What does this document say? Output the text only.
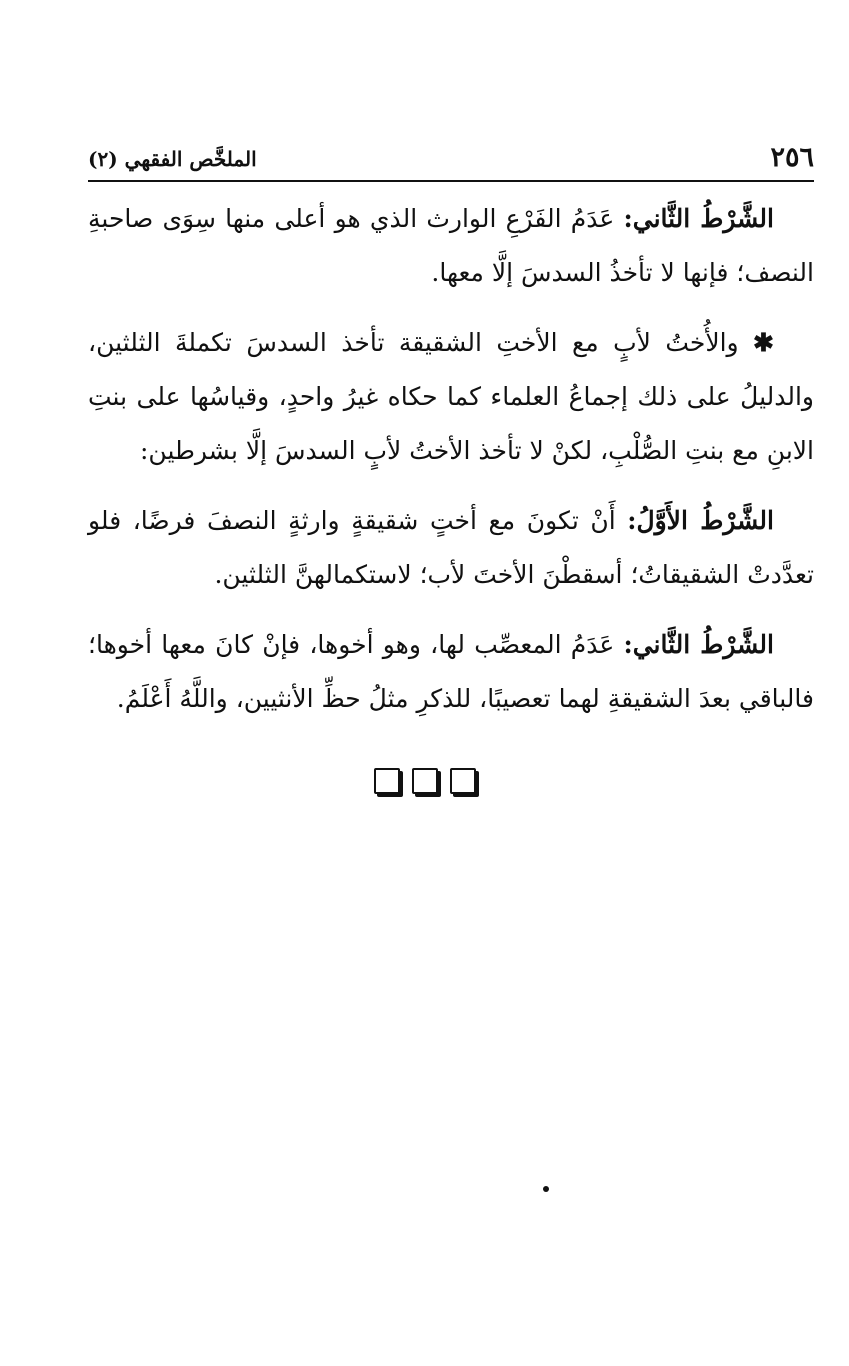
٢٥٦
الملخَّص الفقهي (٢)

الشَّرْطُ الثَّاني: عَدَمُ الفَرْعِ الوارث الذي هو أعلى منها سِوَى صاحبةِ النصف؛ فإنها لا تأخذُ السدسَ إلَّا معها.

✱ والأُختُ لأبٍ مع الأختِ الشقيقة تأخذ السدسَ تكملةَ الثلثين، والدليلُ على ذلك إجماعُ العلماء كما حكاه غيرُ واحدٍ، وقياسُها على بنتِ الابنِ مع بنتِ الصُّلْبِ، لكنْ لا تأخذ الأختُ لأبٍ السدسَ إلَّا بشرطين:

الشَّرْطُ الأَوَّلُ: أَنْ تكونَ مع أختٍ شقيقةٍ وارثةٍ النصفَ فرضًا، فلو تعدَّدتْ الشقيقاتُ؛ أسقطْنَ الأختَ لأب؛ لاستكمالهنَّ الثلثين.

الشَّرْطُ الثَّاني: عَدَمُ المعصِّب لها، وهو أخوها، فإنْ كانَ معها أخوها؛ فالباقي بعدَ الشقيقةِ لهما تعصيبًا، للذكرِ مثلُ حظِّ الأنثيين، واللَّهُ أَعْلَمُ.
